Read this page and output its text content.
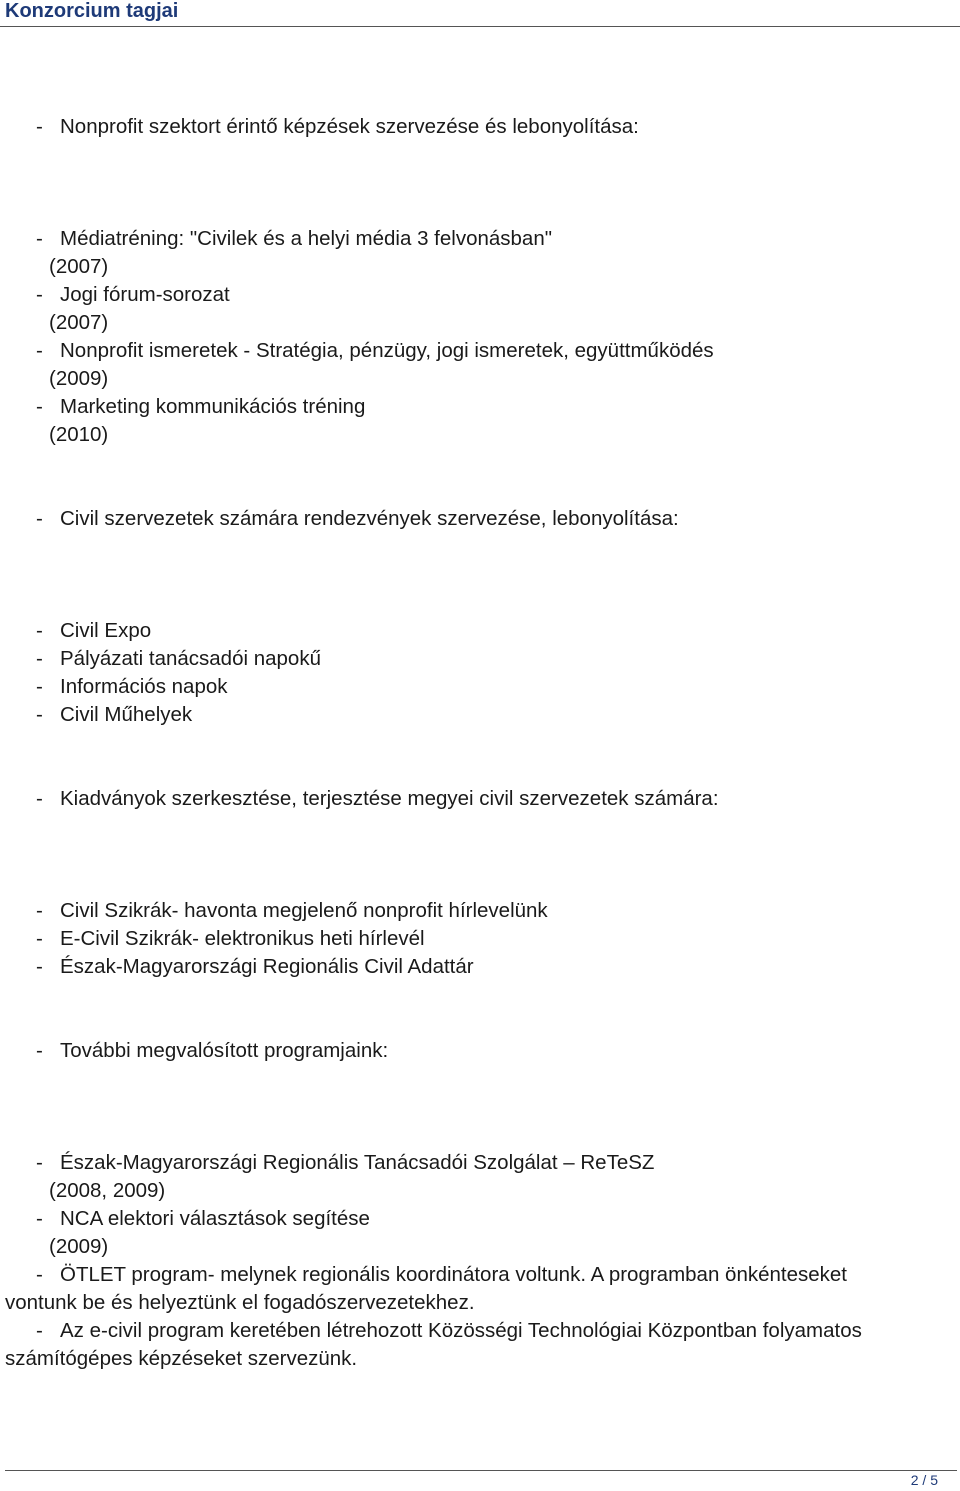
Konzorcium tagjai
- Nonprofit szektort érintő képzések szervezése és lebonyolítása:
- Médiatréning: "Civilek és a helyi média 3 felvonásban"
(2007)
- Jogi fórum-sorozat
(2007)
- Nonprofit ismeretek - Stratégia, pénzügy, jogi ismeretek, együttműködés
(2009)
- Marketing kommunikációs tréning
(2010)
- Civil szervezetek számára rendezvények szervezése, lebonyolítása:
- Civil Expo
- Pályázati tanácsadói napokű
- Információs napok
- Civil Műhelyek
- Kiadványok szerkesztése, terjesztése megyei civil szervezetek számára:
- Civil Szikrák- havonta megjelenő nonprofit hírlevelünk
- E-Civil Szikrák- elektronikus heti hírlevél
- Észak-Magyarországi Regionális Civil Adattár
- További megvalósított programjaink:
- Észak-Magyarországi Regionális Tanácsadói Szolgálat – ReTeSZ
(2008, 2009)
- NCA elektori választások segítése
(2009)
- ÖTLET program- melynek regionális koordinátora voltunk. A programban önkénteseket
vontunk be és helyeztünk el fogadószervezetekhez.
- Az e-civil program keretében létrehozott Közösségi Technológiai Központban folyamatos
számítógépes képzéseket szervezünk.
2 / 5
